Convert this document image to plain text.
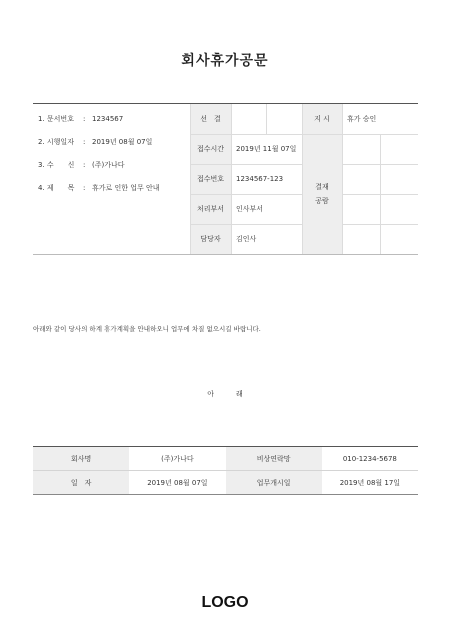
회사휴가공문
1. 문서번호 : 1234567
2. 시행일자 : 2019년 08월 07일
3. 수　　신 : (주)가나다
4. 제　　목 : 휴가로 인한 업무 안내
선　결	지 시	휴가 승인
접수시간	2019년 11월 07일
접수번호	1234567-123
처리부서	인사부서
담당자	김인사
결재
공람
아래와 같이 당사의 하계 휴가계획을 안내하오니 업무에 차질 없으시길 바랍니다.
아래
회사명	(주)가나다	비상연락망	010-1234-5678
일　자	2019년 08월 07일	업무개시일	2019년 08월 17일
LOGO
